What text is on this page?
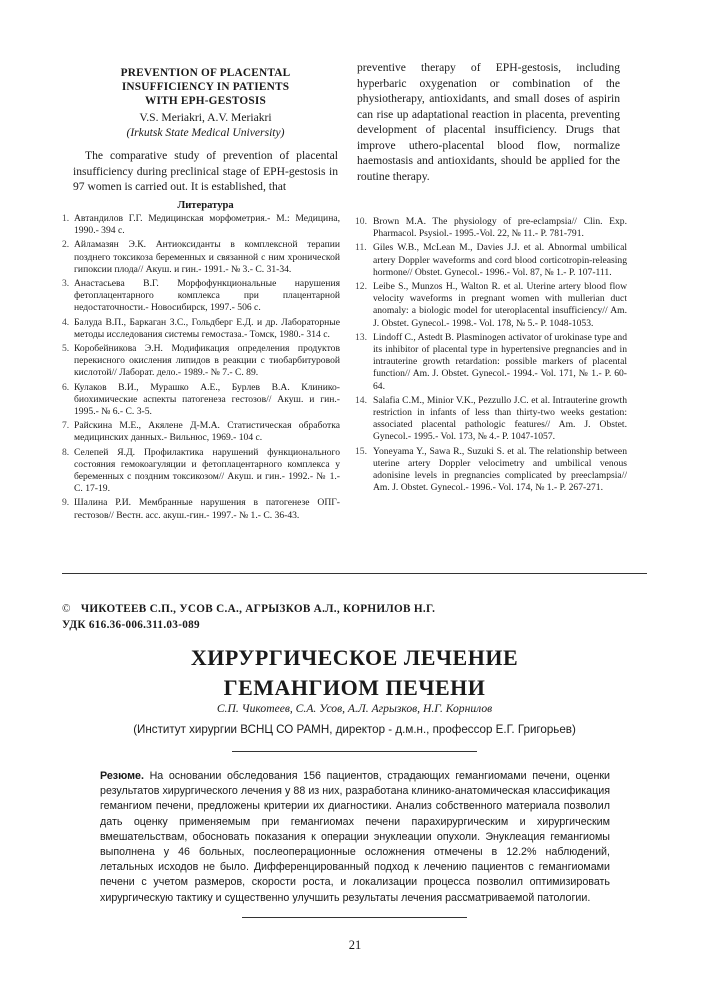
PREVENTION OF PLACENTAL
INSUFFICIENCY IN PATIENTS
WITH EPH-GESTOSIS
V.S. Meriakri, A.V. Meriakri
(Irkutsk State Medical University)
The comparative study of prevention of placental insufficiency during preclinical stage of EPH-gestosis in 97 women is carried out. It is established, that
preventive therapy of EPH-gestosis, including hyperbaric oxygenation or combination of the physiotherapy, antioxidants, and small doses of aspirin can rise up adaptational reaction in placenta, preventing development of placental insufficiency. Drugs that improve uthero-placental blood flow, normalize haemostasis and antioxidants, should be applied for the routine therapy.
Литература
1. Автандилов Г.Г. Медицинская морфометрия.- М.: Медицина, 1990.- 394 с.
2. Айламазян Э.К. Антиоксиданты в комплексной терапии позднего токсикоза беременных и связанной с ним хронической гипоксии плода// Акуш. и гин.- 1991.- № 3.- С. 31-34.
3. Анастасьева В.Г. Морфофункциональные нарушения фетоплацентарного комплекса при плацентарной недостаточности.- Новосибирск, 1997.- 506 с.
4. Балуда В.П., Баркаган З.С., Гольдберг Е.Д. и др. Лабораторные методы исследования системы гемостаза.- Томск, 1980.- 314 с.
5. Коробейникова Э.Н. Модификация определения продуктов перекисного окисления липидов в реакции с тиобарбитуровой кислотой// Лаборат. дело.- 1989.- № 7.- С. 89.
6. Кулаков В.И., Мурашко А.Е., Бурлев В.А. Клинико-биохимические аспекты патогенеза гестозов// Акуш. и гин.- 1995.- № 6.- С. 3-5.
7. Райскина М.Е., Акялене Д-М.А. Статистическая обработка медицинских данных.- Вильнюс, 1969.- 104 с.
8. Селепей Я.Д. Профилактика нарушений функционального состояния гемокоагуляции и фетоплацентарного комплекса у беременных с поздним токсикозом// Акуш. и гин.- 1992.- № 1.- С. 17-19.
9. Шалина Р.И. Мембранные нарушения в патогенезе ОПГ-гестозов// Вестн. асс. акуш.-гин.- 1997.- № 1.- С. 36-43.
10. Brown M.A. The physiology of pre-eclampsia// Clin. Exp. Pharmacol. Psysiol.- 1995.-Vol. 22, № 11.- P. 781-791.
11. Giles W.B., McLean M., Davies J.J. et al. Abnormal umbilical artery Doppler waveforms and cord blood corticotropin-releasing hormone// Obstet. Gynecol.- 1996.- Vol. 87, № 1.- P. 107-111.
12. Leibe S., Munzos H., Walton R. et al. Uterine artery blood flow velocity waveforms in pregnant women with mullerian duct anomaly: a biologic model for uteroplacental insufficiency// Am. J. Obstet. Gynecol.- 1998.- Vol. 178, № 5.- P. 1048-1053.
13. Lindoff C., Astedt B. Plasminogen activator of urokinase type and its inhibitor of placental type in hypertensive pregnancies and in intrauterine growth retardation: possible markers of placental function// Am. J. Obstet. Gynecol.- 1994.- Vol. 171, № 1.- P. 60-64.
14. Salafia C.M., Minior V.K., Pezzullo J.C. et al. Intrauterine growth restriction in infants of less than thirty-two weeks gestation: associated placental pathologic features// Am. J. Obstet. Gynecol.- 1995.- Vol. 173, № 4.- P. 1047-1057.
15. Yoneyama Y., Sawa R., Suzuki S. et al. The relationship between uterine artery Doppler velocimetry and umbilical venous adonisine levels in pregnancies complicated by preeclampsia// Am. J. Obstet. Gynecol.- 1996.- Vol. 174, № 1.- P. 267-271.
© ЧИКОТЕЕВ С.П., УСОВ С.А., АГРЫЗКОВ А.Л., КОРНИЛОВ Н.Г.
УДК 616.36-006.311.03-089
ХИРУРГИЧЕСКОЕ ЛЕЧЕНИЕ
ГЕМАНГИОМ ПЕЧЕНИ
С.П. Чикотеев, С.А. Усов, А.Л. Агрызков, Н.Г. Корнилов
(Институт хирургии ВСНЦ СО РАМН, директор - д.м.н., профессор Е.Г. Григорьев)
Резюме. На основании обследования 156 пациентов, страдающих гемангиомами печени, оценки результатов хирургического лечения у 88 из них, разработана клинико-анатомическая классификация гемангиом печени, предложены критерии их диагностики. Анализ собственного материала позволил дать оценку применяемым при гемангиомах печени парахирургическим и хирургическим вмешательствам, обосновать показания к операции энуклеации опухоли. Энуклеация гемангиомы выполнена у 46 больных, послеоперационные осложнения отмечены в 12.2% наблюдений, летальных исходов не было. Дифференцированный подход к лечению пациентов с гемангиомами печени с учетом размеров, скорости роста, и локализации процесса позволил оптимизировать хирургическую тактику и существенно улучшить результаты лечения рассматриваемой патологии.
21
